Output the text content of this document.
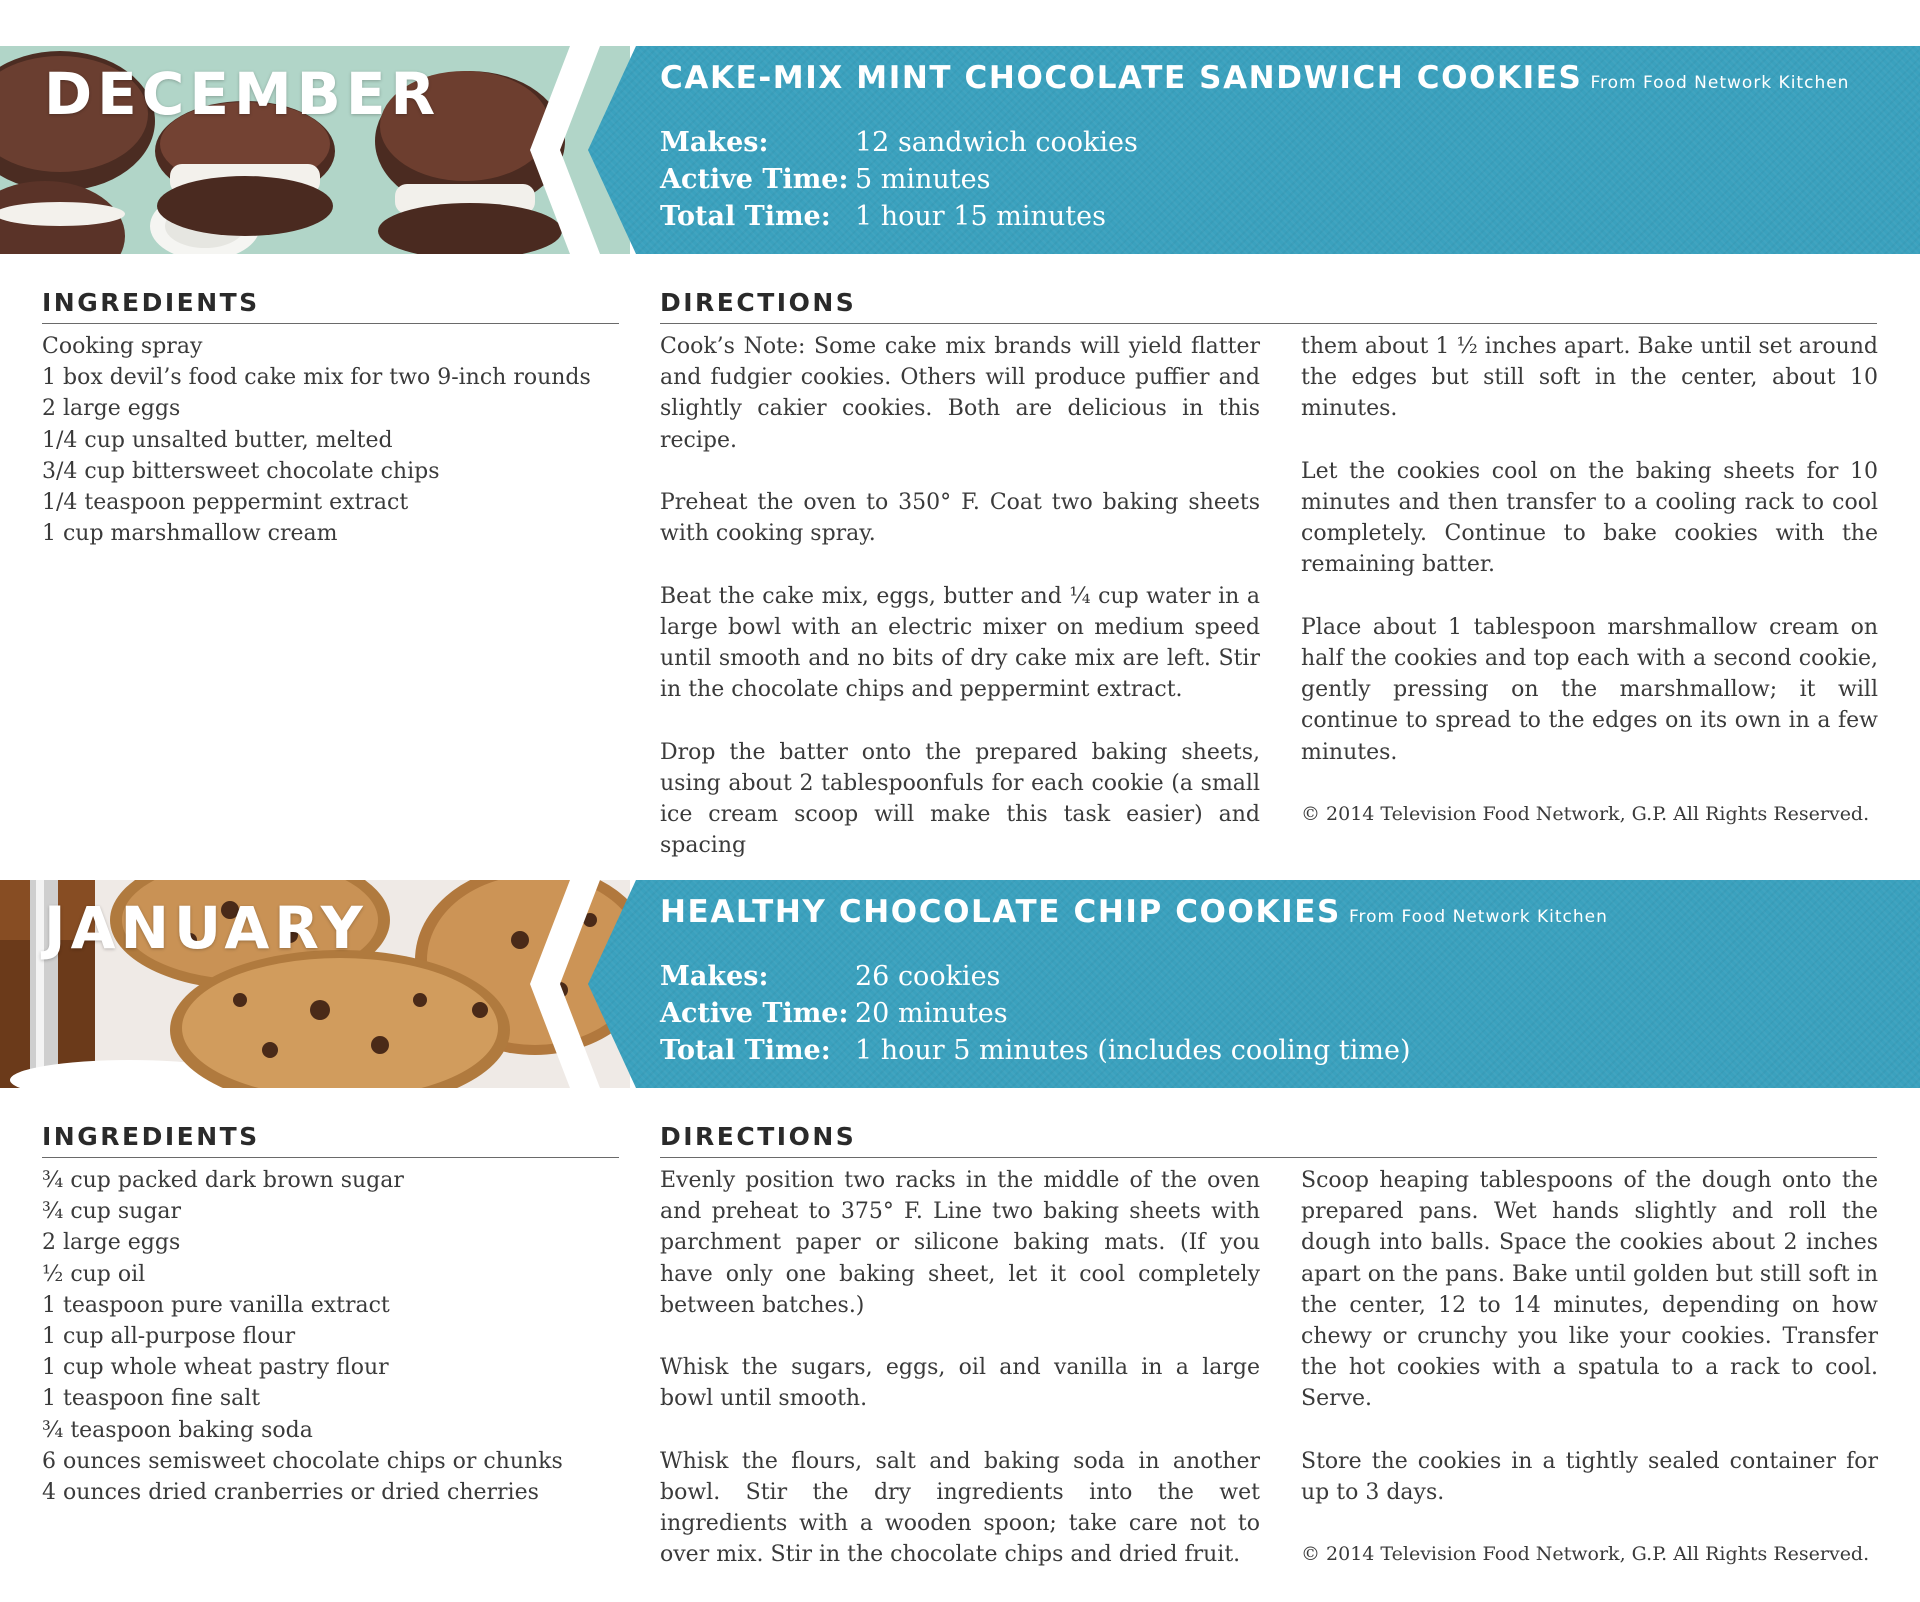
DECEMBER	CAKE-MIX MINT CHOCOLATE SANDWICH COOKIES From Food Network Kitchen
Makes:	12 sandwich cookies
Active Time: 5 minutes
Total Time: 1 hour 15 minutes
INGREDIENTS	DIRECTIONS
Cooking spray
1 box devil’s food cake mix for two 9-inch rounds
2 large eggs
1/4 cup unsalted butter, melted
3/4 cup bittersweet chocolate chips
1/4 teaspoon peppermint extract
1 cup marshmallow cream

Cook’s Note: Some cake mix brands will yield flatter and fudgier cookies. Others will produce puffier and slightly cakier cookies. Both are delicious in this recipe.

Preheat the oven to 350° F. Coat two baking sheets with cooking spray.

Beat the cake mix, eggs, butter and ¼ cup water in a large bowl with an electric mixer on medium speed until smooth and no bits of dry cake mix are left. Stir in the chocolate chips and peppermint extract.

Drop the batter onto the prepared baking sheets, using about 2 tablespoonfuls for each cookie (a small ice cream scoop will make this task easier) and spacing

them about 1 ½ inches apart. Bake until set around the edges but still soft in the center, about 10 minutes.

Let the cookies cool on the baking sheets for 10 minutes and then transfer to a cooling rack to cool completely. Continue to bake cookies with the remaining batter.

Place about 1 tablespoon marshmallow cream on half the cookies and top each with a second cookie, gently pressing on the marshmallow; it will continue to spread to the edges on its own in a few minutes.

© 2014 Television Food Network, G.P. All Rights Reserved.

JANUARY	HEALTHY CHOCOLATE CHIP COOKIES From Food Network Kitchen
Makes:	26 cookies
Active Time: 20 minutes
Total Time: 1 hour 5 minutes (includes cooling time)
INGREDIENTS	DIRECTIONS
¾ cup packed dark brown sugar
¾ cup sugar
2 large eggs
½ cup oil
1 teaspoon pure vanilla extract
1 cup all-purpose flour
1 cup whole wheat pastry flour
1 teaspoon fine salt
¾ teaspoon baking soda
6 ounces semisweet chocolate chips or chunks
4 ounces dried cranberries or dried cherries

Evenly position two racks in the middle of the oven and preheat to 375° F. Line two baking sheets with parchment paper or silicone baking mats. (If you have only one baking sheet, let it cool completely between batches.)

Whisk the sugars, eggs, oil and vanilla in a large bowl until smooth.

Whisk the flours, salt and baking soda in another bowl. Stir the dry ingredients into the wet ingredients with a wooden spoon; take care not to over mix. Stir in the chocolate chips and dried fruit.

Scoop heaping tablespoons of the dough onto the prepared pans. Wet hands slightly and roll the dough into balls. Space the cookies about 2 inches apart on the pans. Bake until golden but still soft in the center, 12 to 14 minutes, depending on how chewy or crunchy you like your cookies. Transfer the hot cookies with a spatula to a rack to cool. Serve.

Store the cookies in a tightly sealed container for up to 3 days.

© 2014 Television Food Network, G.P. All Rights Reserved.
